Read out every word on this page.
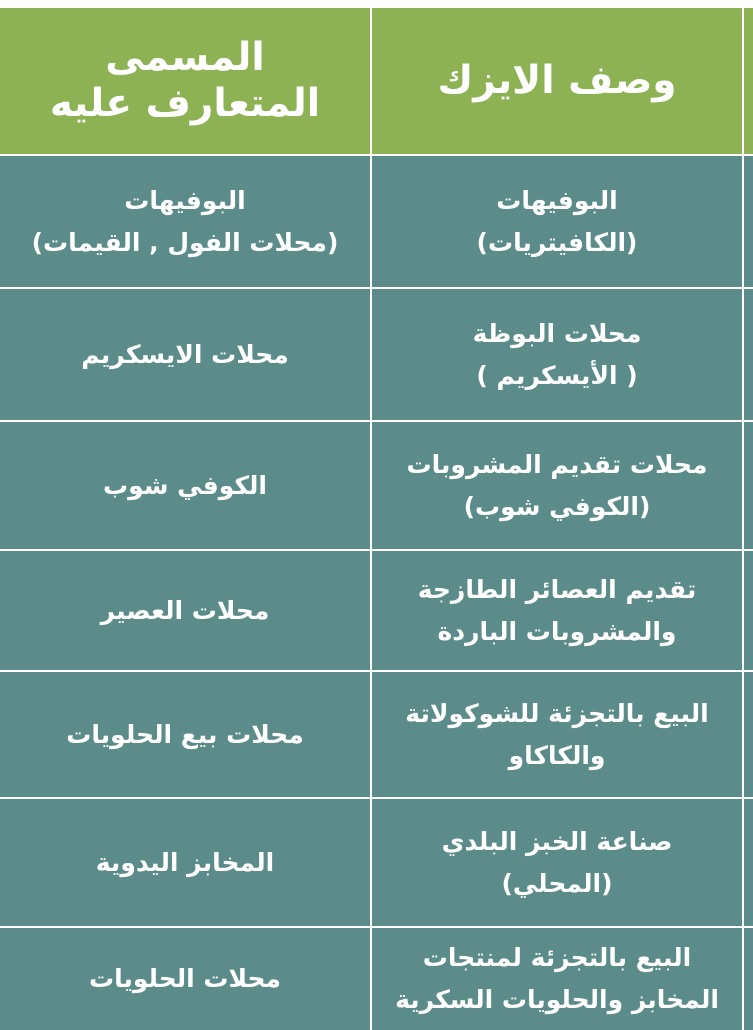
المسمى
المتعارف عليه
وصف الايزك
البوفيهات
(محلات الفول , القيمات)
البوفيهات
(الكافيتريات)
محلات الايسكريم
محلات البوظة
( الأيسكريم )
الكوفي شوب
محلات تقديم المشروبات
(الكوفي شوب)
محلات العصير
تقديم العصائر الطازجة
والمشروبات الباردة
محلات بيع الحلويات
البيع بالتجزئة للشوكولاتة
والكاكاو
المخابز اليدوية
صناعة الخبز البلدي
(المحلي)
محلات الحلويات
البيع بالتجزئة لمنتجات
المخابز والحلويات السكرية
